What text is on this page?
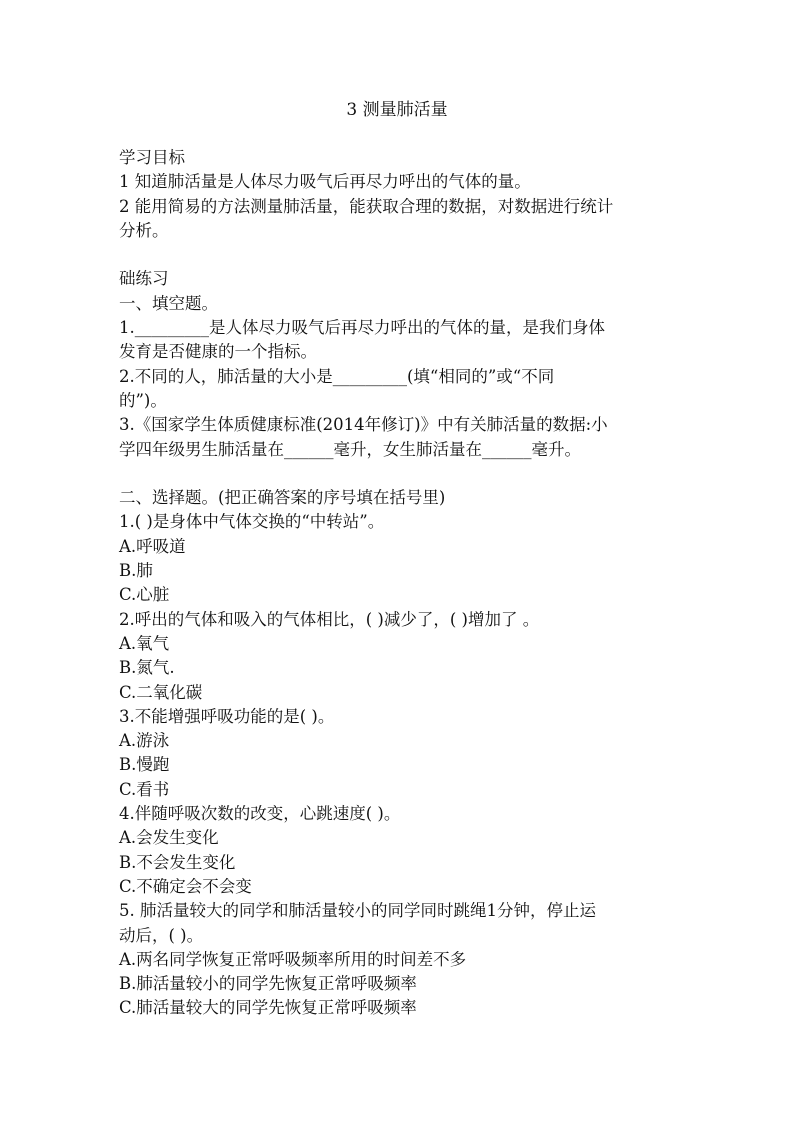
3 测量肺活量
学习目标
1 知道肺活量是人体尽力吸气后再尽力呼出的气体的量。
2 能用简易的方法测量肺活量，能获取合理的数据，对数据进行统计
分析。
础练习
一、填空题。
1._________是人体尽力吸气后再尽力呼出的气体的量，是我们身体
发育是否健康的一个指标。
2.不同的人，肺活量的大小是_________(填“相同的”或“不同
的”)。
3.《国家学生体质健康标准(2014年修订)》中有关肺活量的数据:小
学四年级男生肺活量在______毫升，女生肺活量在______毫升。
二、选择题。(把正确答案的序号填在括号里)
1.( )是身体中气体交换的“中转站”。
A.呼吸道
B.肺
C.心脏
2.呼出的气体和吸入的气体相比，( )减少了，( )增加了 。
A.氧气
B.氮气.
C.二氧化碳
3.不能增强呼吸功能的是( )。
A.游泳
B.慢跑
C.看书
4.伴随呼吸次数的改变，心跳速度( )。
A.会发生变化
B.不会发生变化
C.不确定会不会变
5. 肺活量较大的同学和肺活量较小的同学同时跳绳1分钟，停止运
动后，( )。
A.两名同学恢复正常呼吸频率所用的时间差不多
B.肺活量较小的同学先恢复正常呼吸频率
C.肺活量较大的同学先恢复正常呼吸频率
